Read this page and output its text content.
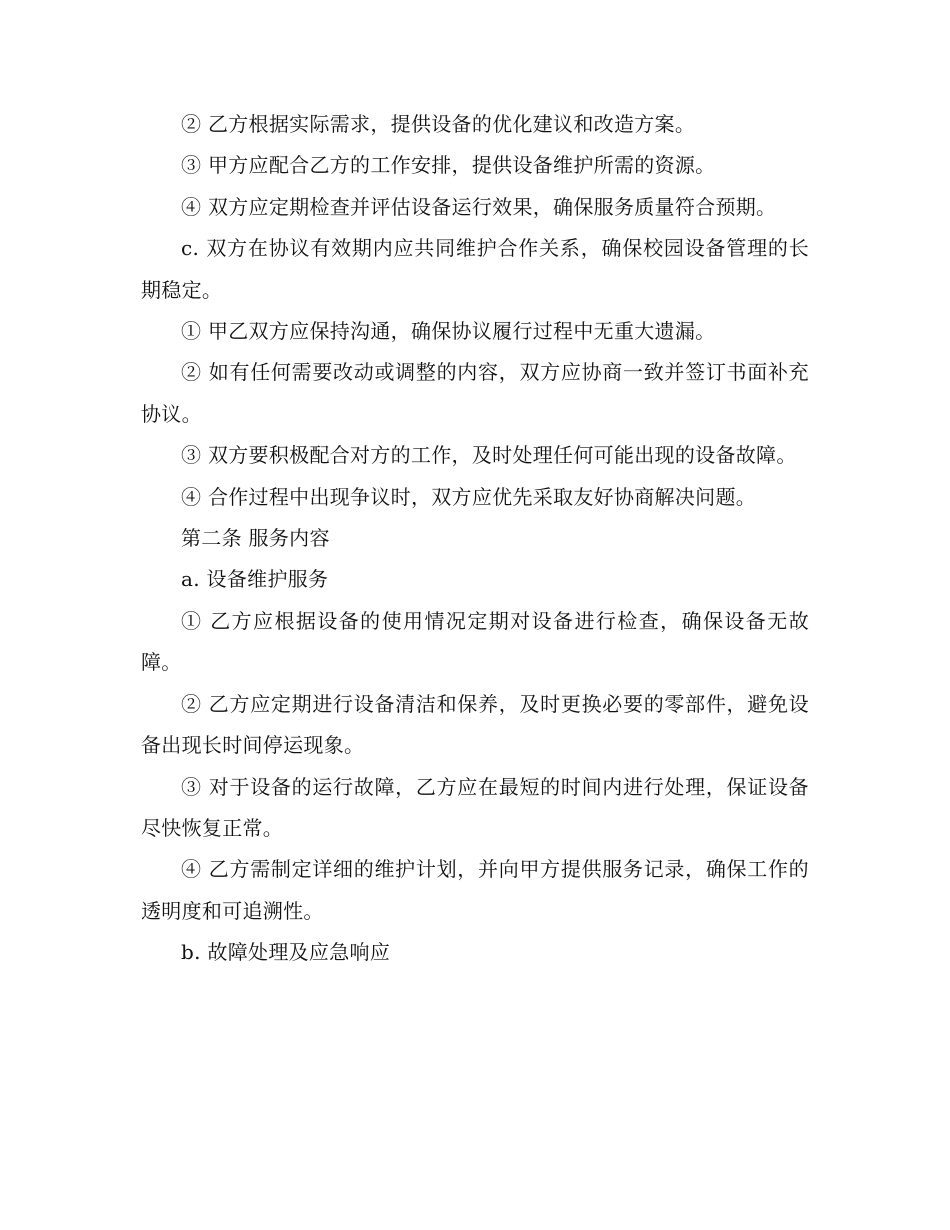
② 乙方根据实际需求，提供设备的优化建议和改造方案。

③ 甲方应配合乙方的工作安排，提供设备维护所需的资源。

④ 双方应定期检查并评估设备运行效果，确保服务质量符合预期。

c. 双方在协议有效期内应共同维护合作关系，确保校园设备管理的长期稳定。

① 甲乙双方应保持沟通，确保协议履行过程中无重大遗漏。

② 如有任何需要改动或调整的内容，双方应协商一致并签订书面补充协议。

③ 双方要积极配合对方的工作，及时处理任何可能出现的设备故障。

④ 合作过程中出现争议时，双方应优先采取友好协商解决问题。

第二条 服务内容

a. 设备维护服务

① 乙方应根据设备的使用情况定期对设备进行检查，确保设备无故障。

② 乙方应定期进行设备清洁和保养，及时更换必要的零部件，避免设备出现长时间停运现象。

③ 对于设备的运行故障，乙方应在最短的时间内进行处理，保证设备尽快恢复正常。

④ 乙方需制定详细的维护计划，并向甲方提供服务记录，确保工作的透明度和可追溯性。

b. 故障处理及应急响应
